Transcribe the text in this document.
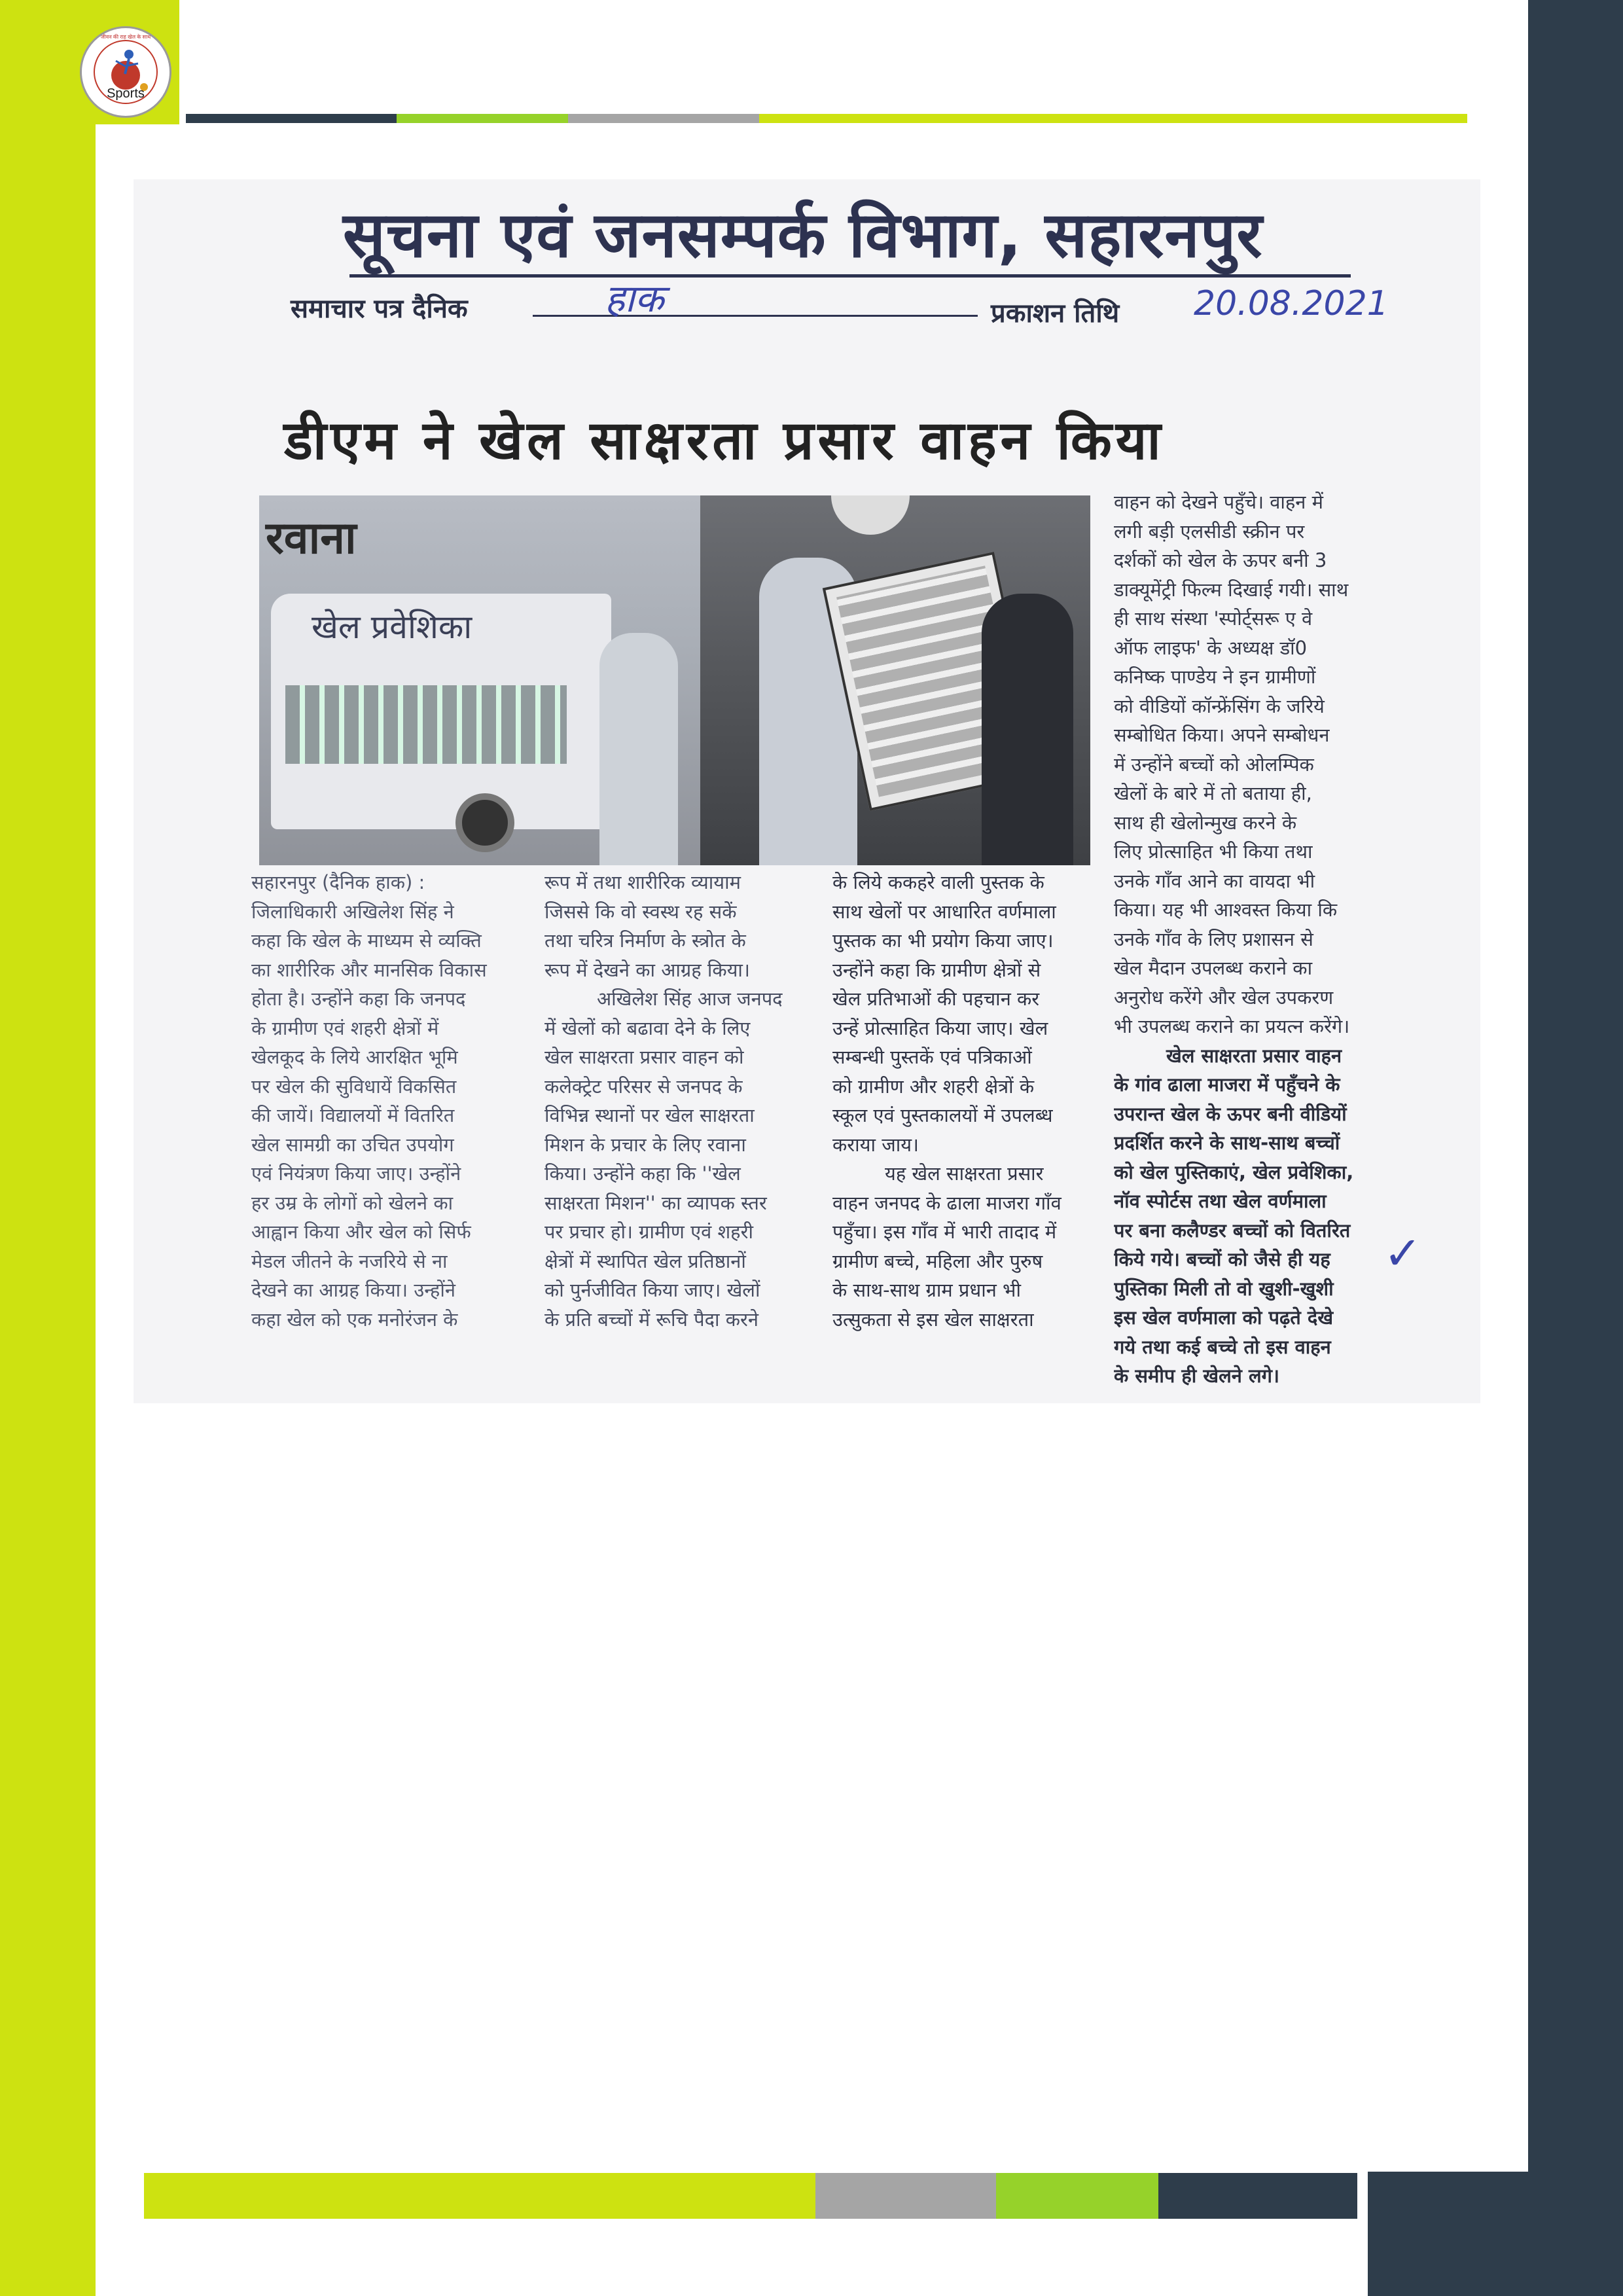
जीवन की राह खेल के साथ
Sports
सूचना एवं जनसम्पर्क विभाग, सहारनपुर
समाचार पत्र दैनिक	हाक	प्रकाशन तिथि 20.08.2021
डीएम ने खेल साक्षरता प्रसार वाहन किया
खेल प्रवेशिका
रवाना
सहारनपुर (दैनिक हाक) :
जिलाधिकारी अखिलेश सिंह ने
कहा कि खेल के माध्यम से व्यक्ति
का शारीरिक और मानसिक विकास
होता है। उन्होंने कहा कि जनपद
के ग्रामीण एवं शहरी क्षेत्रों में
खेलकूद के लिये आरक्षित भूमि
पर खेल की सुविधायें विकसित
की जायें। विद्यालयों में वितरित
खेल सामग्री का उचित उपयोग
एवं नियंत्रण किया जाए। उन्होंने
हर उम्र के लोगों को खेलने का
आह्वान किया और खेल को सिर्फ
मेडल जीतने के नजरिये से ना
देखने का आग्रह किया। उन्होंने
कहा खेल को एक मनोरंजन के
रूप में तथा शारीरिक व्यायाम
जिससे कि वो स्वस्थ रह सकें
तथा चरित्र निर्माण के स्त्रोत के
रूप में देखने का आग्रह किया।
अखिलेश सिंह आज जनपद
में खेलों को बढावा देने के लिए
खेल साक्षरता प्रसार वाहन को
कलेक्ट्रेट परिसर से जनपद के
विभिन्न स्थानों पर खेल साक्षरता
मिशन के प्रचार के लिए रवाना
किया। उन्होंने कहा कि ''खेल
साक्षरता मिशन'' का व्यापक स्तर
पर प्रचार हो। ग्रामीण एवं शहरी
क्षेत्रों में स्थापित खेल प्रतिष्ठानों
को पुर्नजीवित किया जाए। खेलों
के प्रति बच्चों में रूचि पैदा करने
के लिये ककहरे वाली पुस्तक के
साथ खेलों पर आधारित वर्णमाला
पुस्तक का भी प्रयोग किया जाए।
उन्होंने कहा कि ग्रामीण क्षेत्रों से
खेल प्रतिभाओं की पहचान कर
उन्हें प्रोत्साहित किया जाए। खेल
सम्बन्धी पुस्तकें एवं पत्रिकाओं
को ग्रामीण और शहरी क्षेत्रों के
स्कूल एवं पुस्तकालयों में उपलब्ध
कराया जाय।
यह खेल साक्षरता प्रसार
वाहन जनपद के ढाला माजरा गाँव
पहुँचा। इस गाँव में भारी तादाद में
ग्रामीण बच्चे, महिला और पुरुष
के साथ-साथ ग्राम प्रधान भी
उत्सुकता से इस खेल साक्षरता
वाहन को देखने पहुँचे। वाहन में
लगी बड़ी एलसीडी स्क्रीन पर
दर्शकों को खेल के ऊपर बनी 3
डाक्यूमेंट्री फिल्म दिखाई गयी। साथ
ही साथ संस्था 'स्पोर्ट्सरू ए वे
ऑफ लाइफ' के अध्यक्ष डॉ0
कनिष्क पाण्डेय ने इन ग्रामीणों
को वीडियों कॉन्फ्रेंसिंग के जरिये
सम्बोधित किया। अपने सम्बोधन
में उन्होंने बच्चों को ओलम्पिक
खेलों के बारे में तो बताया ही,
साथ ही खेलोन्मुख करने के
लिए प्रोत्साहित भी किया तथा
उनके गाँव आने का वायदा भी
किया। यह भी आश्वस्त किया कि
उनके गाँव के लिए प्रशासन से
खेल मैदान उपलब्ध कराने का
अनुरोध करेंगे और खेल उपकरण
भी उपलब्ध कराने का प्रयत्न करेंगे।
खेल साक्षरता प्रसार वाहन
के गांव ढाला माजरा में पहुँचने के
उपरान्त खेल के ऊपर बनी वीडियों
प्रदर्शित करने के साथ-साथ बच्चों
को खेल पुस्तिकाएं, खेल प्रवेशिका,
नॉव स्पोर्टस तथा खेल वर्णमाला
पर बना कलैण्डर बच्चों को वितरित
किये गये। बच्चों को जैसे ही यह
पुस्तिका मिली तो वो खुशी-खुशी
इस खेल वर्णमाला को पढ़ते देखे
गये तथा कई बच्चे तो इस वाहन
के समीप ही खेलने लगे।
✓
